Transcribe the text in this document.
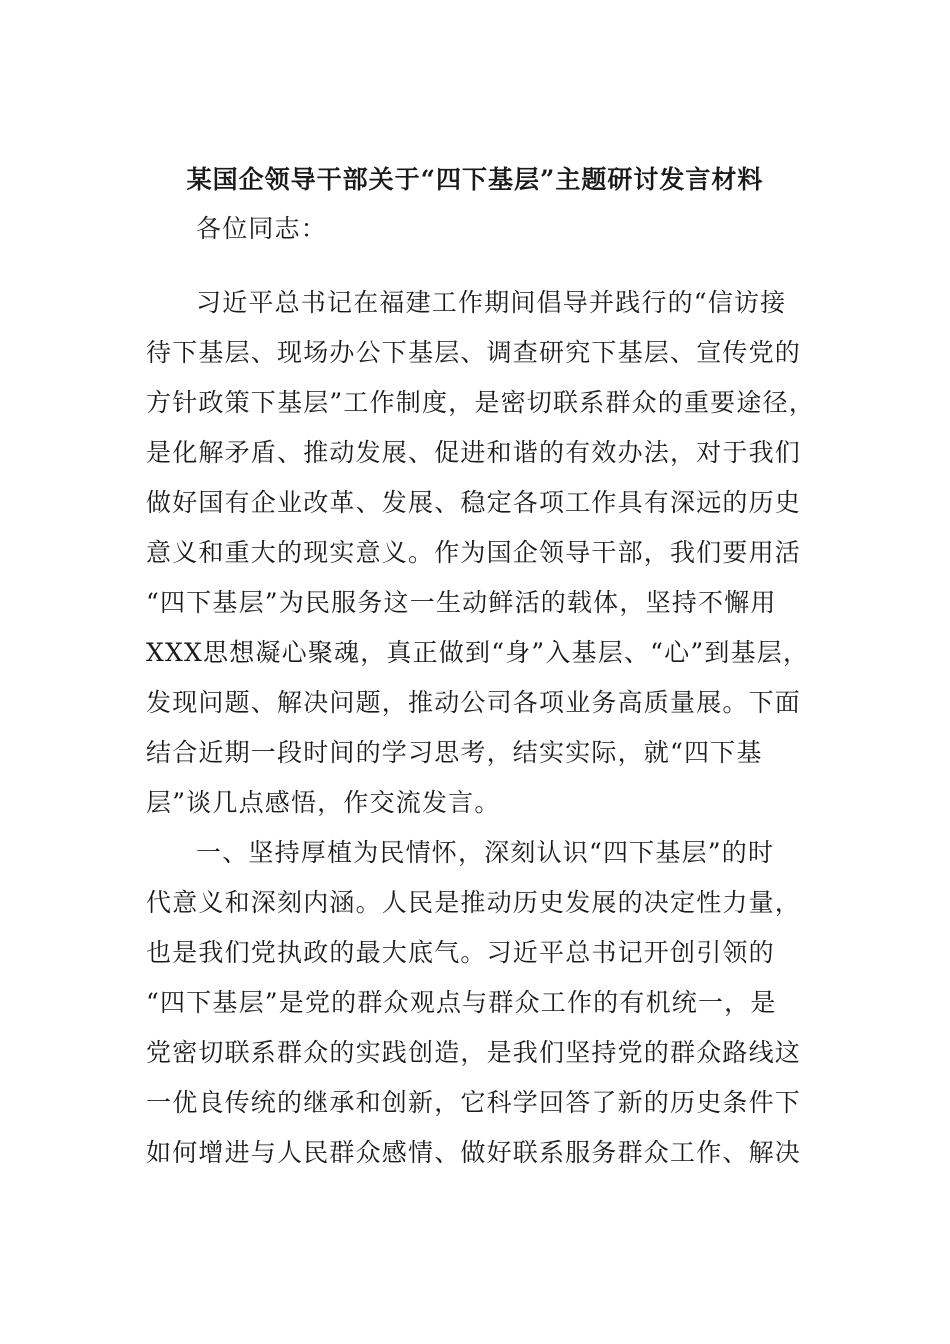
某国企领导干部关于“四下基层”主题研讨发言材料
各位同志：
习近平总书记在福建工作期间倡导并践行的“信访接
待下基层、现场办公下基层、调查研究下基层、宣传党的
方针政策下基层”工作制度，是密切联系群众的重要途径，
是化解矛盾、推动发展、促进和谐的有效办法，对于我们
做好国有企业改革、发展、稳定各项工作具有深远的历史
意义和重大的现实意义。作为国企领导干部，我们要用活
“四下基层”为民服务这一生动鲜活的载体，坚持不懈用
XXX思想凝心聚魂，真正做到“身”入基层、“心”到基层，
发现问题、解决问题，推动公司各项业务高质量展。下面
结合近期一段时间的学习思考，结实实际，就“四下基
层”谈几点感悟，作交流发言。
一、坚持厚植为民情怀，深刻认识“四下基层”的时
代意义和深刻内涵。人民是推动历史发展的决定性力量，
也是我们党执政的最大底气。习近平总书记开创引领的
“四下基层”是党的群众观点与群众工作的有机统一，是
党密切联系群众的实践创造，是我们坚持党的群众路线这
一优良传统的继承和创新，它科学回答了新的历史条件下
如何增进与人民群众感情、做好联系服务群众工作、解决
